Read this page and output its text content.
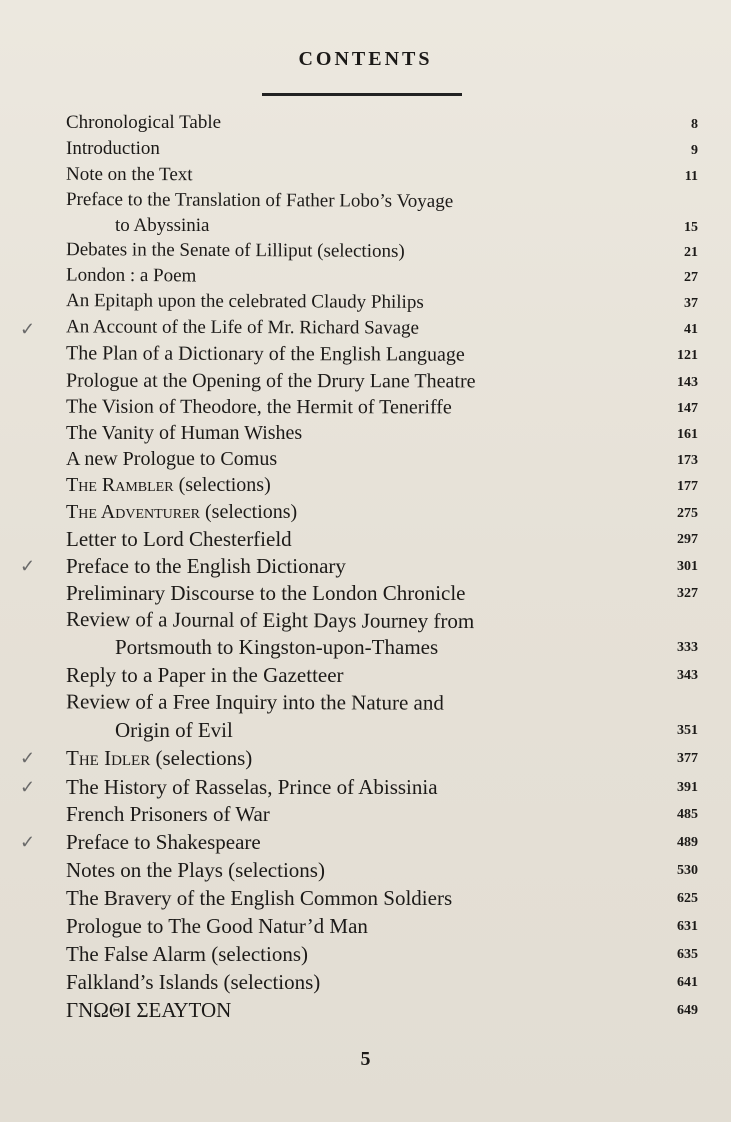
CONTENTS
Chronological Table	8
Introduction	9
Note on the Text	11
Preface to the Translation of Father Lobo’s Voyage
to Abyssinia	15
Debates in the Senate of Lilliput (selections)	21
London : a Poem	27
An Epitaph upon the celebrated Claudy Philips	37
✓ An Account of the Life of Mr. Richard Savage	41
The Plan of a Dictionary of the English Language	121
Prologue at the Opening of the Drury Lane Theatre	143
The Vision of Theodore, the Hermit of Teneriffe	147
The Vanity of Human Wishes	161
A new Prologue to Comus	173
The Rambler (selections)	177
The Adventurer (selections)	275
Letter to Lord Chesterfield	297
✓ Preface to the English Dictionary	301
Preliminary Discourse to the London Chronicle	327
Review of a Journal of Eight Days Journey from
Portsmouth to Kingston-upon-Thames	333
Reply to a Paper in the Gazetteer	343
Review of a Free Inquiry into the Nature and
Origin of Evil	351
✓ The Idler (selections)	377
✓ The History of Rasselas, Prince of Abissinia	391
French Prisoners of War	485
✓ Preface to Shakespeare	489
Notes on the Plays (selections)	530
The Bravery of the English Common Soldiers	625
Prologue to The Good Natur’d Man	631
The False Alarm (selections)	635
Falkland’s Islands (selections)	641
ΓΝΩΘΙ ΣΕΑΥΤΟΝ	649
5
